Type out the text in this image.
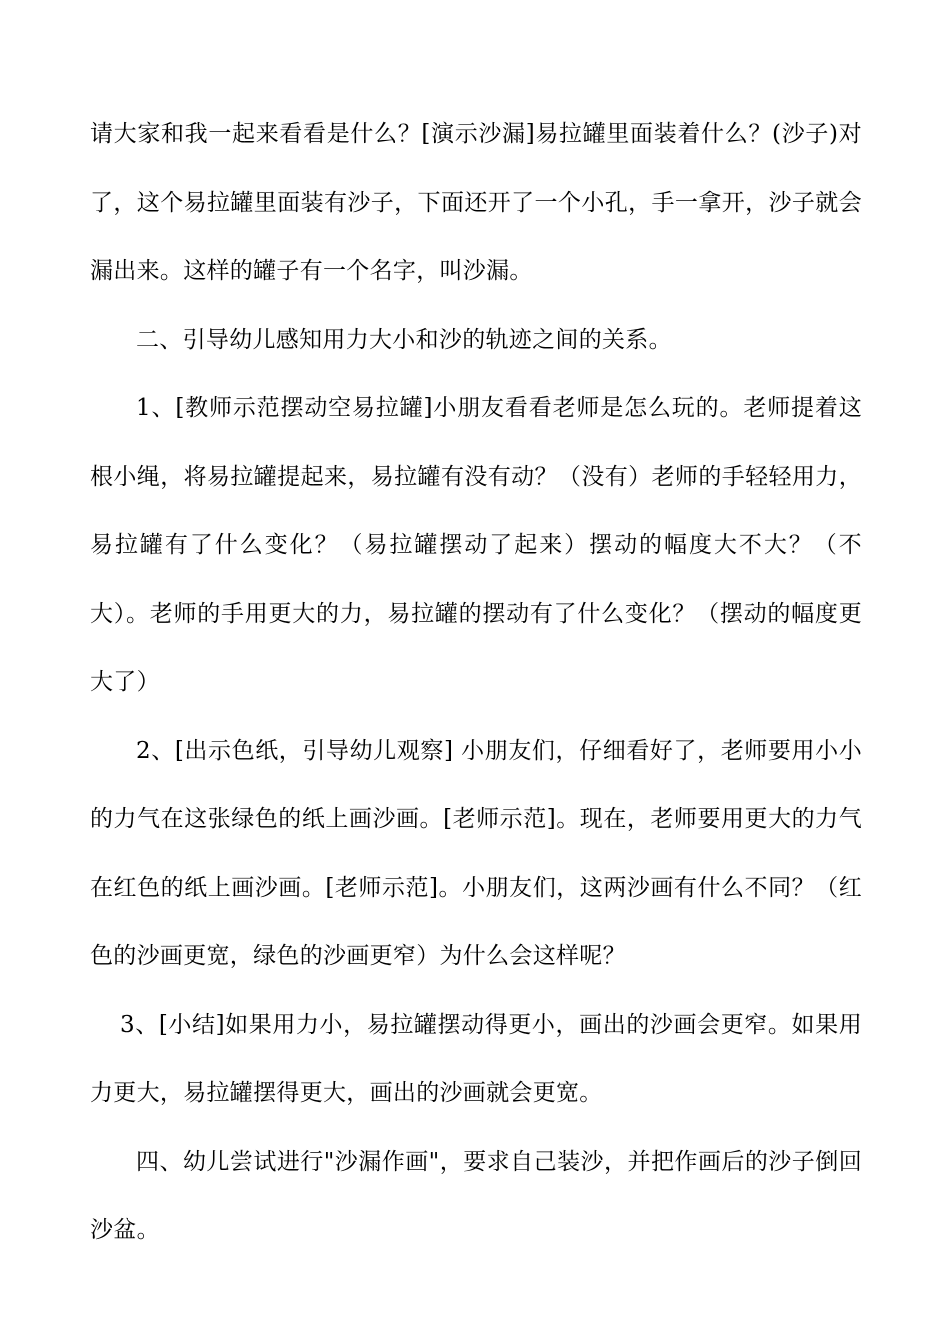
请大家和我一起来看看是什么？[演示沙漏]易拉罐里面装着什么？(沙子)对了，这个易拉罐里面装有沙子，下面还开了一个小孔，手一拿开，沙子就会漏出来。这样的罐子有一个名字，叫沙漏。

二、引导幼儿感知用力大小和沙的轨迹之间的关系。

1、[教师示范摆动空易拉罐]小朋友看看老师是怎么玩的。老师提着这根小绳，将易拉罐提起来，易拉罐有没有动？（没有）老师的手轻轻用力，易拉罐有了什么变化？（易拉罐摆动了起来）摆动的幅度大不大？（不大）。老师的手用更大的力，易拉罐的摆动有了什么变化？（摆动的幅度更大了）

2、[出示色纸，引导幼儿观察] 小朋友们，仔细看好了，老师要用小小的力气在这张绿色的纸上画沙画。[老师示范]。现在，老师要用更大的力气在红色的纸上画沙画。[老师示范]。小朋友们，这两沙画有什么不同？（红色的沙画更宽，绿色的沙画更窄）为什么会这样呢？

3、[小结]如果用力小，易拉罐摆动得更小，画出的沙画会更窄。如果用力更大，易拉罐摆得更大，画出的沙画就会更宽。

四、幼儿尝试进行"沙漏作画"，要求自己装沙，并把作画后的沙子倒回沙盆。
